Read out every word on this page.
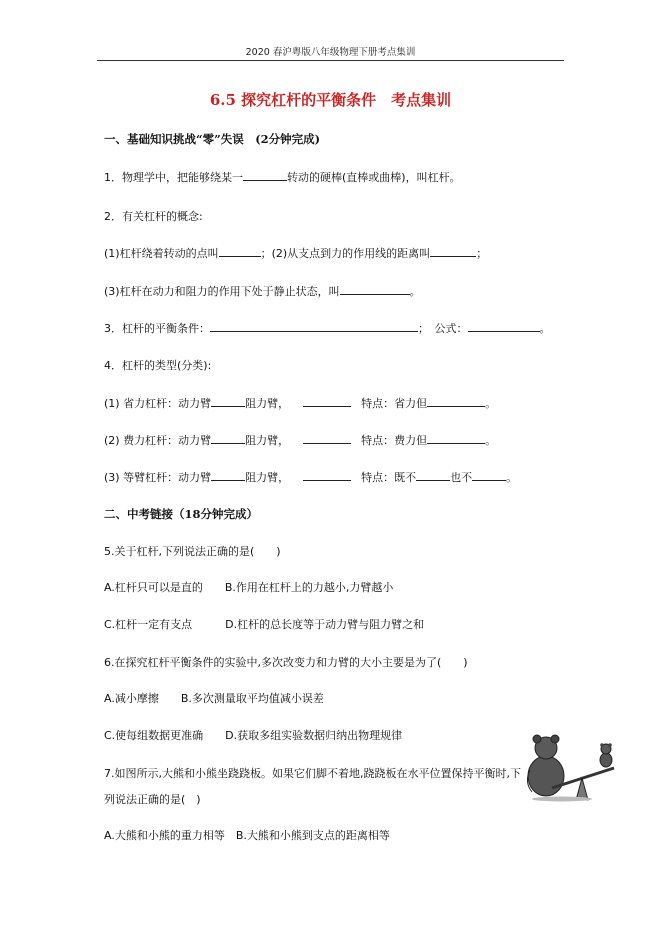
2020 春沪粤版八年级物理下册考点集训
6.5 探究杠杆的平衡条件　考点集训
一、基础知识挑战“零”失误　(2分钟完成)
1．物理学中，把能够绕某一	转动的硬棒(直棒或曲棒)，叫杠杆。
2．有关杠杆的概念:
(1)杠杆绕着转动的点叫	；(2)从支点到力的作用线的距离叫	；
(3)杠杆在动力和阻力的作用下处于静止状态，叫	。
3．杠杆的平衡条件：	；　公式：	。
4．杠杆的类型(分类):
(1) 省力杠杆：动力臂	阻力臂，	特点：省力但	。
(2) 费力杠杆：动力臂	阻力臂，	特点：费力但	。
(3) 等臂杠杆：动力臂	阻力臂，	特点：既不	也不	。
二、中考链接（18分钟完成）
5.关于杠杆,下列说法正确的是(　　)
A.杠杆只可以是直的　　B.作用在杠杆上的力越小,力臂越小
C.杠杆一定有支点　　　D.杠杆的总长度等于动力臂与阻力臂之和
6.在探究杠杆平衡条件的实验中,多次改变力和力臂的大小主要是为了(　　)
A.减小摩擦　　B.多次测量取平均值减小误差
C.使每组数据更准确　　D.获取多组实验数据归纳出物理规律
7.如图所示,大熊和小熊坐跷跷板。如果它们脚不着地,跷跷板在水平位置保持平衡时,下
列说法正确的是(　)
A.大熊和小熊的重力相等　B.大熊和小熊到支点的距离相等
